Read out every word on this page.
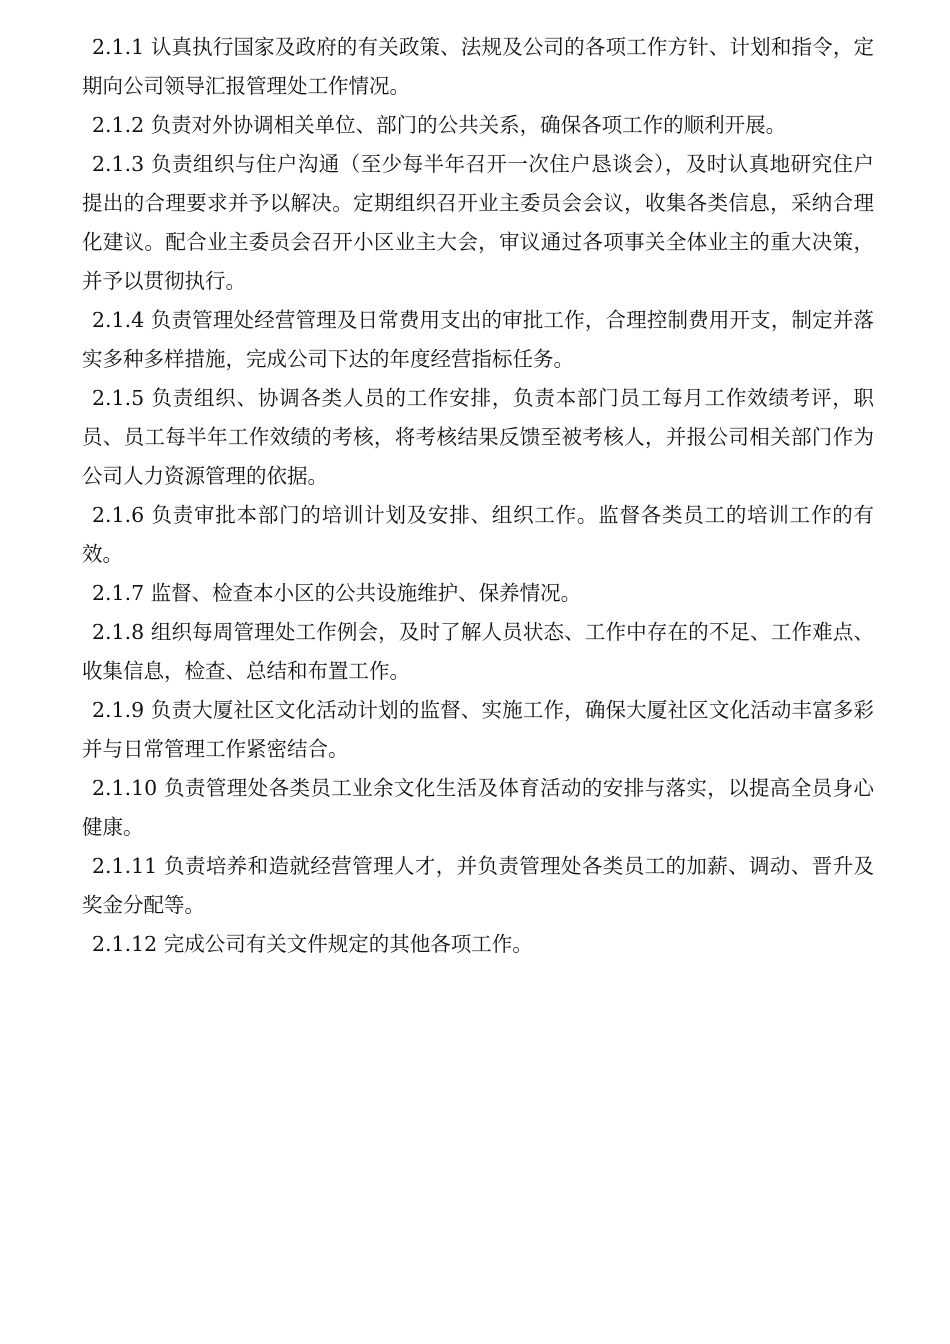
2.1.1 认真执行国家及政府的有关政策、法规及公司的各项工作方针、计划和指令，定期向公司领导汇报管理处工作情况。

2.1.2 负责对外协调相关单位、部门的公共关系，确保各项工作的顺利开展。

2.1.3 负责组织与住户沟通（至少每半年召开一次住户恳谈会），及时认真地研究住户提出的合理要求并予以解决。定期组织召开业主委员会会议，收集各类信息，采纳合理化建议。配合业主委员会召开小区业主大会，审议通过各项事关全体业主的重大决策，并予以贯彻执行。

2.1.4 负责管理处经营管理及日常费用支出的审批工作，合理控制费用开支，制定并落实多种多样措施，完成公司下达的年度经营指标任务。

2.1.5 负责组织、协调各类人员的工作安排，负责本部门员工每月工作效绩考评，职员、员工每半年工作效绩的考核，将考核结果反馈至被考核人，并报公司相关部门作为公司人力资源管理的依据。

2.1.6 负责审批本部门的培训计划及安排、组织工作。监督各类员工的培训工作的有效。

2.1.7 监督、检查本小区的公共设施维护、保养情况。

2.1.8 组织每周管理处工作例会，及时了解人员状态、工作中存在的不足、工作难点、收集信息，检查、总结和布置工作。

2.1.9 负责大厦社区文化活动计划的监督、实施工作，确保大厦社区文化活动丰富多彩并与日常管理工作紧密结合。

2.1.10 负责管理处各类员工业余文化生活及体育活动的安排与落实，以提高全员身心健康。

2.1.11 负责培养和造就经营管理人才，并负责管理处各类员工的加薪、调动、晋升及奖金分配等。

2.1.12 完成公司有关文件规定的其他各项工作。
